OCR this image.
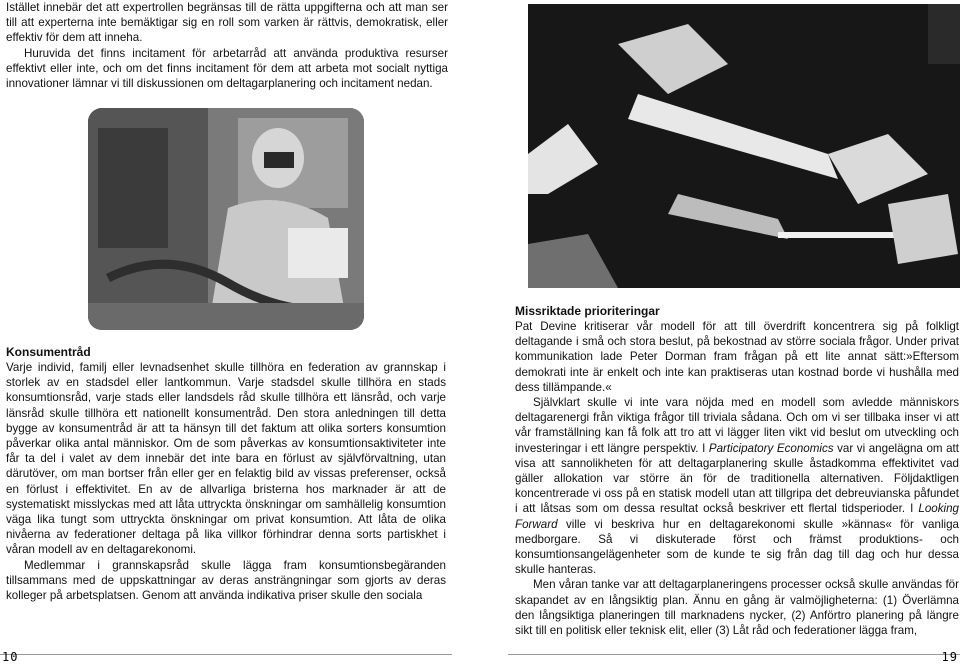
Istället innebär det att expertrollen begränsas till de rätta uppgifterna och att man ser till att experterna inte bemäktigar sig en roll som varken är rättvis, demokratisk, eller effektiv för dem att inneha.

Huruvida det finns incitament för arbetarråd att använda produktiva resurser effektivt eller inte, och om det finns incitament för dem att arbeta mot socialt nyttiga innovationer lämnar vi till diskussionen om deltagarplanering och incitament nedan.

Konsumentråd

Varje individ, familj eller levnadsenhet skulle tillhöra en federation av grannskap i storlek av en stadsdel eller lantkommun. Varje stadsdel skulle tillhöra en stads konsumtionsråd, varje stads eller landsdels råd skulle tillhöra ett länsråd, och varje länsråd skulle tillhöra ett nationellt konsumentråd. Den stora anledningen till detta bygge av konsumentråd är att ta hänsyn till det faktum att olika sorters konsumtion påverkar olika antal människor. Om de som påverkas av konsumtionsaktiviteter inte får ta del i valet av dem innebär det inte bara en förlust av självförvaltning, utan därutöver, om man bortser från eller ger en felaktig bild av vissas preferenser, också en förlust i effektivitet. En av de allvarliga bristerna hos marknader är att de systematiskt misslyckas med att låta uttryckta önskningar om samhällelig konsumtion väga lika tungt som uttryckta önskningar om privat konsumtion. Att låta de olika nivåerna av federationer deltaga på lika villkor förhindrar denna sorts partiskhet i våran modell av en deltagarekonomi.

Medlemmar i grannskapsråd skulle lägga fram konsumtionsbegäranden tillsammans med de uppskattningar av deras ansträngningar som gjorts av deras kolleger på arbetsplatsen. Genom att använda indikativa priser skulle den sociala

Missriktade prioriteringar

Pat Devine kritiserar vår modell för att till överdrift koncentrera sig på folkligt deltagande i små och stora beslut, på bekostnad av större sociala frågor. Under privat kommunikation lade Peter Dorman fram frågan på ett lite annat sätt:»Eftersom demokrati inte är enkelt och inte kan praktiseras utan kostnad borde vi hushålla med dess tillämpande.«

Självklart skulle vi inte vara nöjda med en modell som avledde människors deltagarenergi från viktiga frågor till triviala sådana. Och om vi ser tillbaka inser vi att vår framställning kan få folk att tro att vi lägger liten vikt vid beslut om utveckling och investeringar i ett längre perspektiv. I Participatory Economics var vi angelägna om att visa att sannolikheten för att deltagarplanering skulle åstadkomma effektivitet vad gäller allokation var större än för de traditionella alternativen. Följdaktligen koncentrerade vi oss på en statisk modell utan att tillgripa det debreuvianska påfundet i att låtsas som om dessa resultat också beskriver ett flertal tidsperioder. I Looking Forward ville vi beskriva hur en deltagarekonomi skulle »kännas« för vanliga medborgare. Så vi diskuterade först och främst produktions- och konsumtionsangelägenheter som de kunde te sig från dag till dag och hur dessa skulle hanteras.

Men våran tanke var att deltagarplaneringens processer också skulle användas för skapandet av en långsiktig plan. Ännu en gång är valmöjligheterna: (1) Överlämna den långsiktiga planeringen till marknadens nycker, (2) Anförtro planering på längre sikt till en politisk eller teknisk elit, eller (3) Låt råd och federationer lägga fram,

10	19
